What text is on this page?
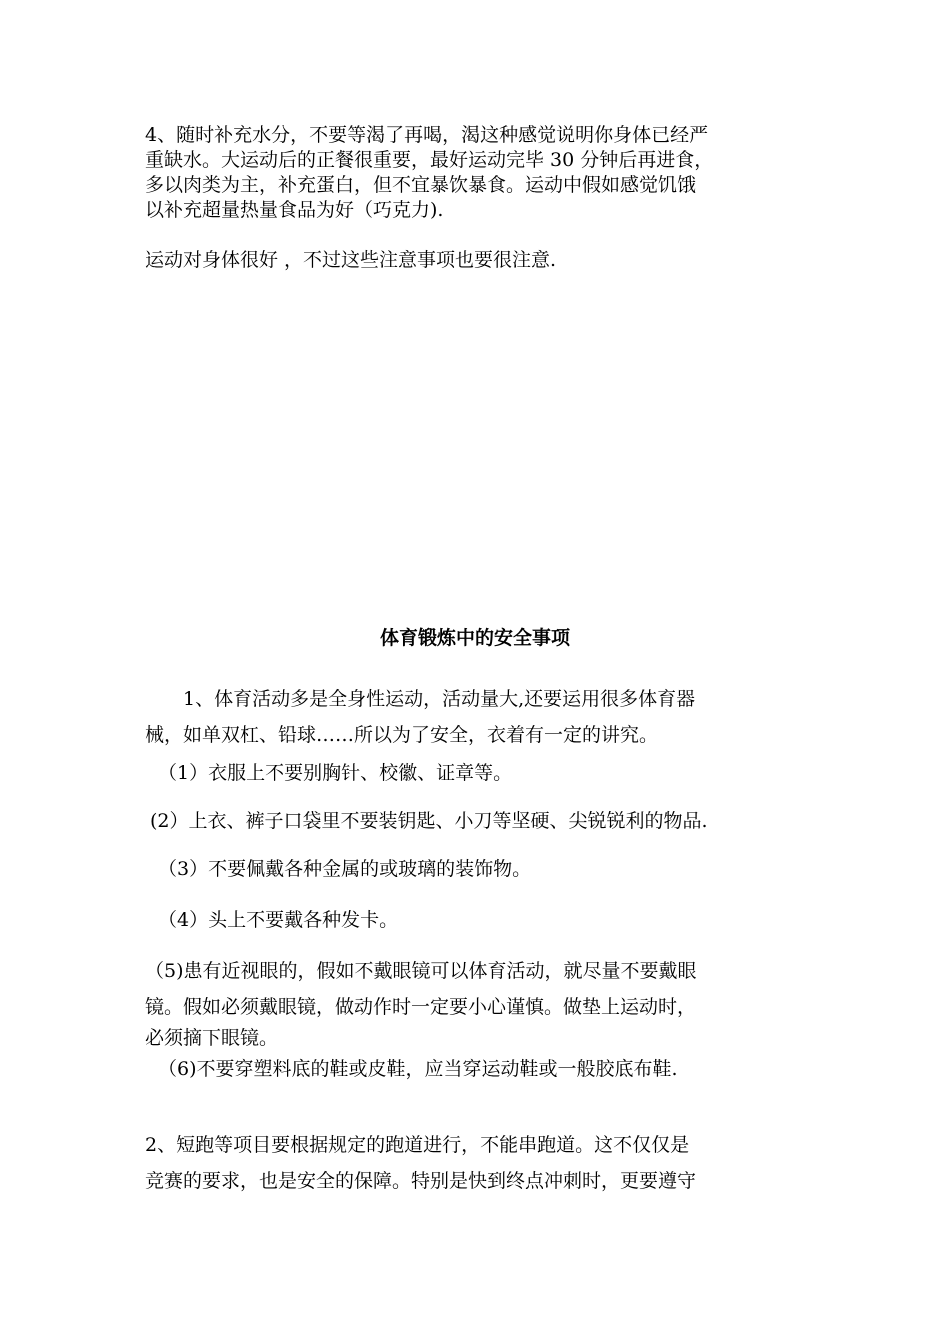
4、随时补充水分，不要等渴了再喝，渴这种感觉说明你身体已经严
重缺水。大运动后的正餐很重要，最好运动完毕 30 分钟后再进食，
多以肉类为主，补充蛋白，但不宜暴饮暴食。运动中假如感觉饥饿
以补充超量热量食品为好（巧克力).

运动对身体很好 ，不过这些注意事项也要很注意.

体育锻炼中的安全事项

　　1、体育活动多是全身性运动，活动量大,还要运用很多体育器
械，如单双杠、铅球……所以为了安全，衣着有一定的讲究。

（1）衣服上不要别胸针、校徽、证章等。

(2）上衣、裤子口袋里不要装钥匙、小刀等坚硬、尖锐锐利的物品.

（3）不要佩戴各种金属的或玻璃的装饰物。

（4）头上不要戴各种发卡。

（5)患有近视眼的，假如不戴眼镜可以体育活动，就尽量不要戴眼
镜。假如必须戴眼镜，做动作时一定要小心谨慎。做垫上运动时，
必须摘下眼镜。

（6)不要穿塑料底的鞋或皮鞋，应当穿运动鞋或一般胶底布鞋.

2、短跑等项目要根据规定的跑道进行，不能串跑道。这不仅仅是
竞赛的要求，也是安全的保障。特别是快到终点冲刺时，更要遵守
